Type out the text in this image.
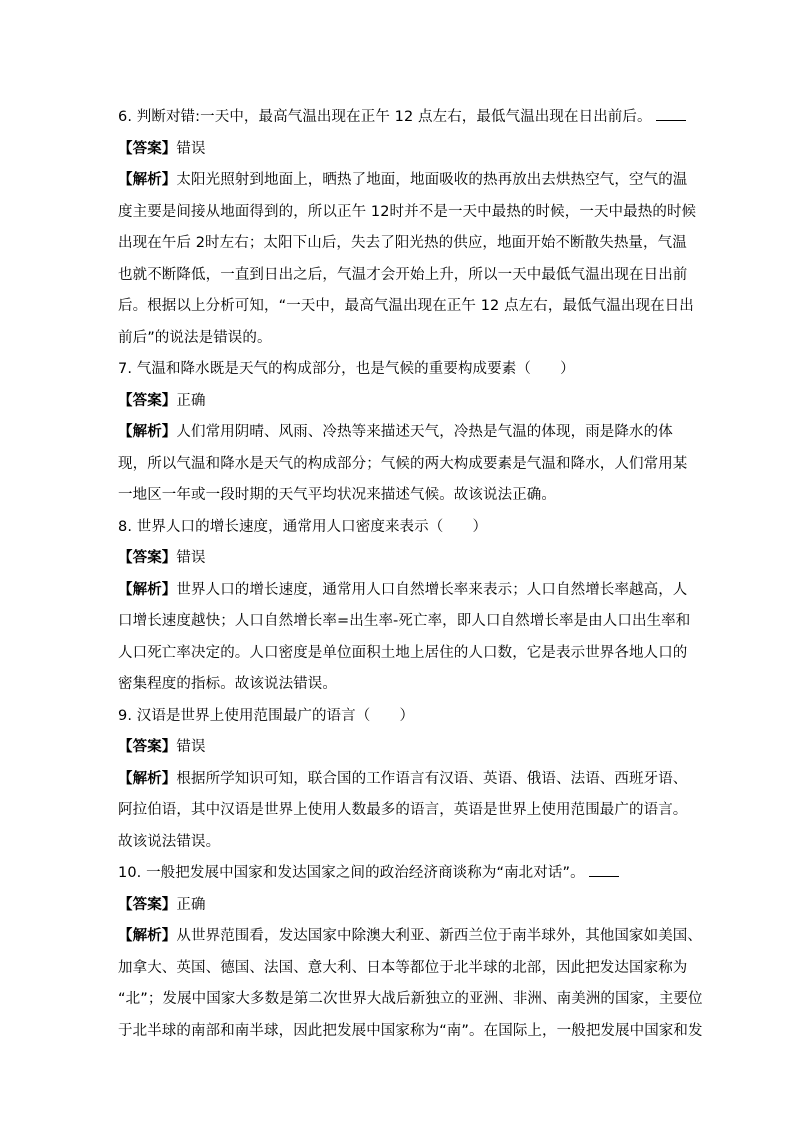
6. 判断对错:一天中，最高气温出现在正午 12 点左右，最低气温出现在日出前后。
【答案】错误
【解析】太阳光照射到地面上，晒热了地面，地面吸收的热再放出去烘热空气，空气的温
度主要是间接从地面得到的，所以正午 12时并不是一天中最热的时候，一天中最热的时候
出现在午后 2时左右；太阳下山后，失去了阳光热的供应，地面开始不断散失热量，气温
也就不断降低，一直到日出之后，气温才会开始上升，所以一天中最低气温出现在日出前
后。根据以上分析可知，“一天中，最高气温出现在正午 12 点左右，最低气温出现在日出
前后”的说法是错误的。
7. 气温和降水既是天气的构成部分，也是气候的重要构成要素（　　）
【答案】正确
【解析】人们常用阴晴、风雨、冷热等来描述天气，冷热是气温的体现，雨是降水的体
现，所以气温和降水是天气的构成部分；气候的两大构成要素是气温和降水，人们常用某
一地区一年或一段时期的天气平均状况来描述气候。故该说法正确。
8. 世界人口的增长速度，通常用人口密度来表示（　　）
【答案】错误
【解析】世界人口的增长速度，通常用人口自然增长率来表示；人口自然增长率越高，人
口增长速度越快；人口自然增长率=出生率-死亡率，即人口自然增长率是由人口出生率和
人口死亡率决定的。人口密度是单位面积土地上居住的人口数，它是表示世界各地人口的
密集程度的指标。故该说法错误。
9. 汉语是世界上使用范围最广的语言（　　）
【答案】错误
【解析】根据所学知识可知，联合国的工作语言有汉语、英语、俄语、法语、西班牙语、
阿拉伯语，其中汉语是世界上使用人数最多的语言，英语是世界上使用范围最广的语言。
故该说法错误。
10. 一般把发展中国家和发达国家之间的政治经济商谈称为“南北对话”。
【答案】正确
【解析】从世界范围看，发达国家中除澳大利亚、新西兰位于南半球外，其他国家如美国、
加拿大、英国、德国、法国、意大利、日本等都位于北半球的北部，因此把发达国家称为
“北”；发展中国家大多数是第二次世界大战后新独立的亚洲、非洲、南美洲的国家，主要位
于北半球的南部和南半球，因此把发展中国家称为“南”。在国际上，一般把发展中国家和发
